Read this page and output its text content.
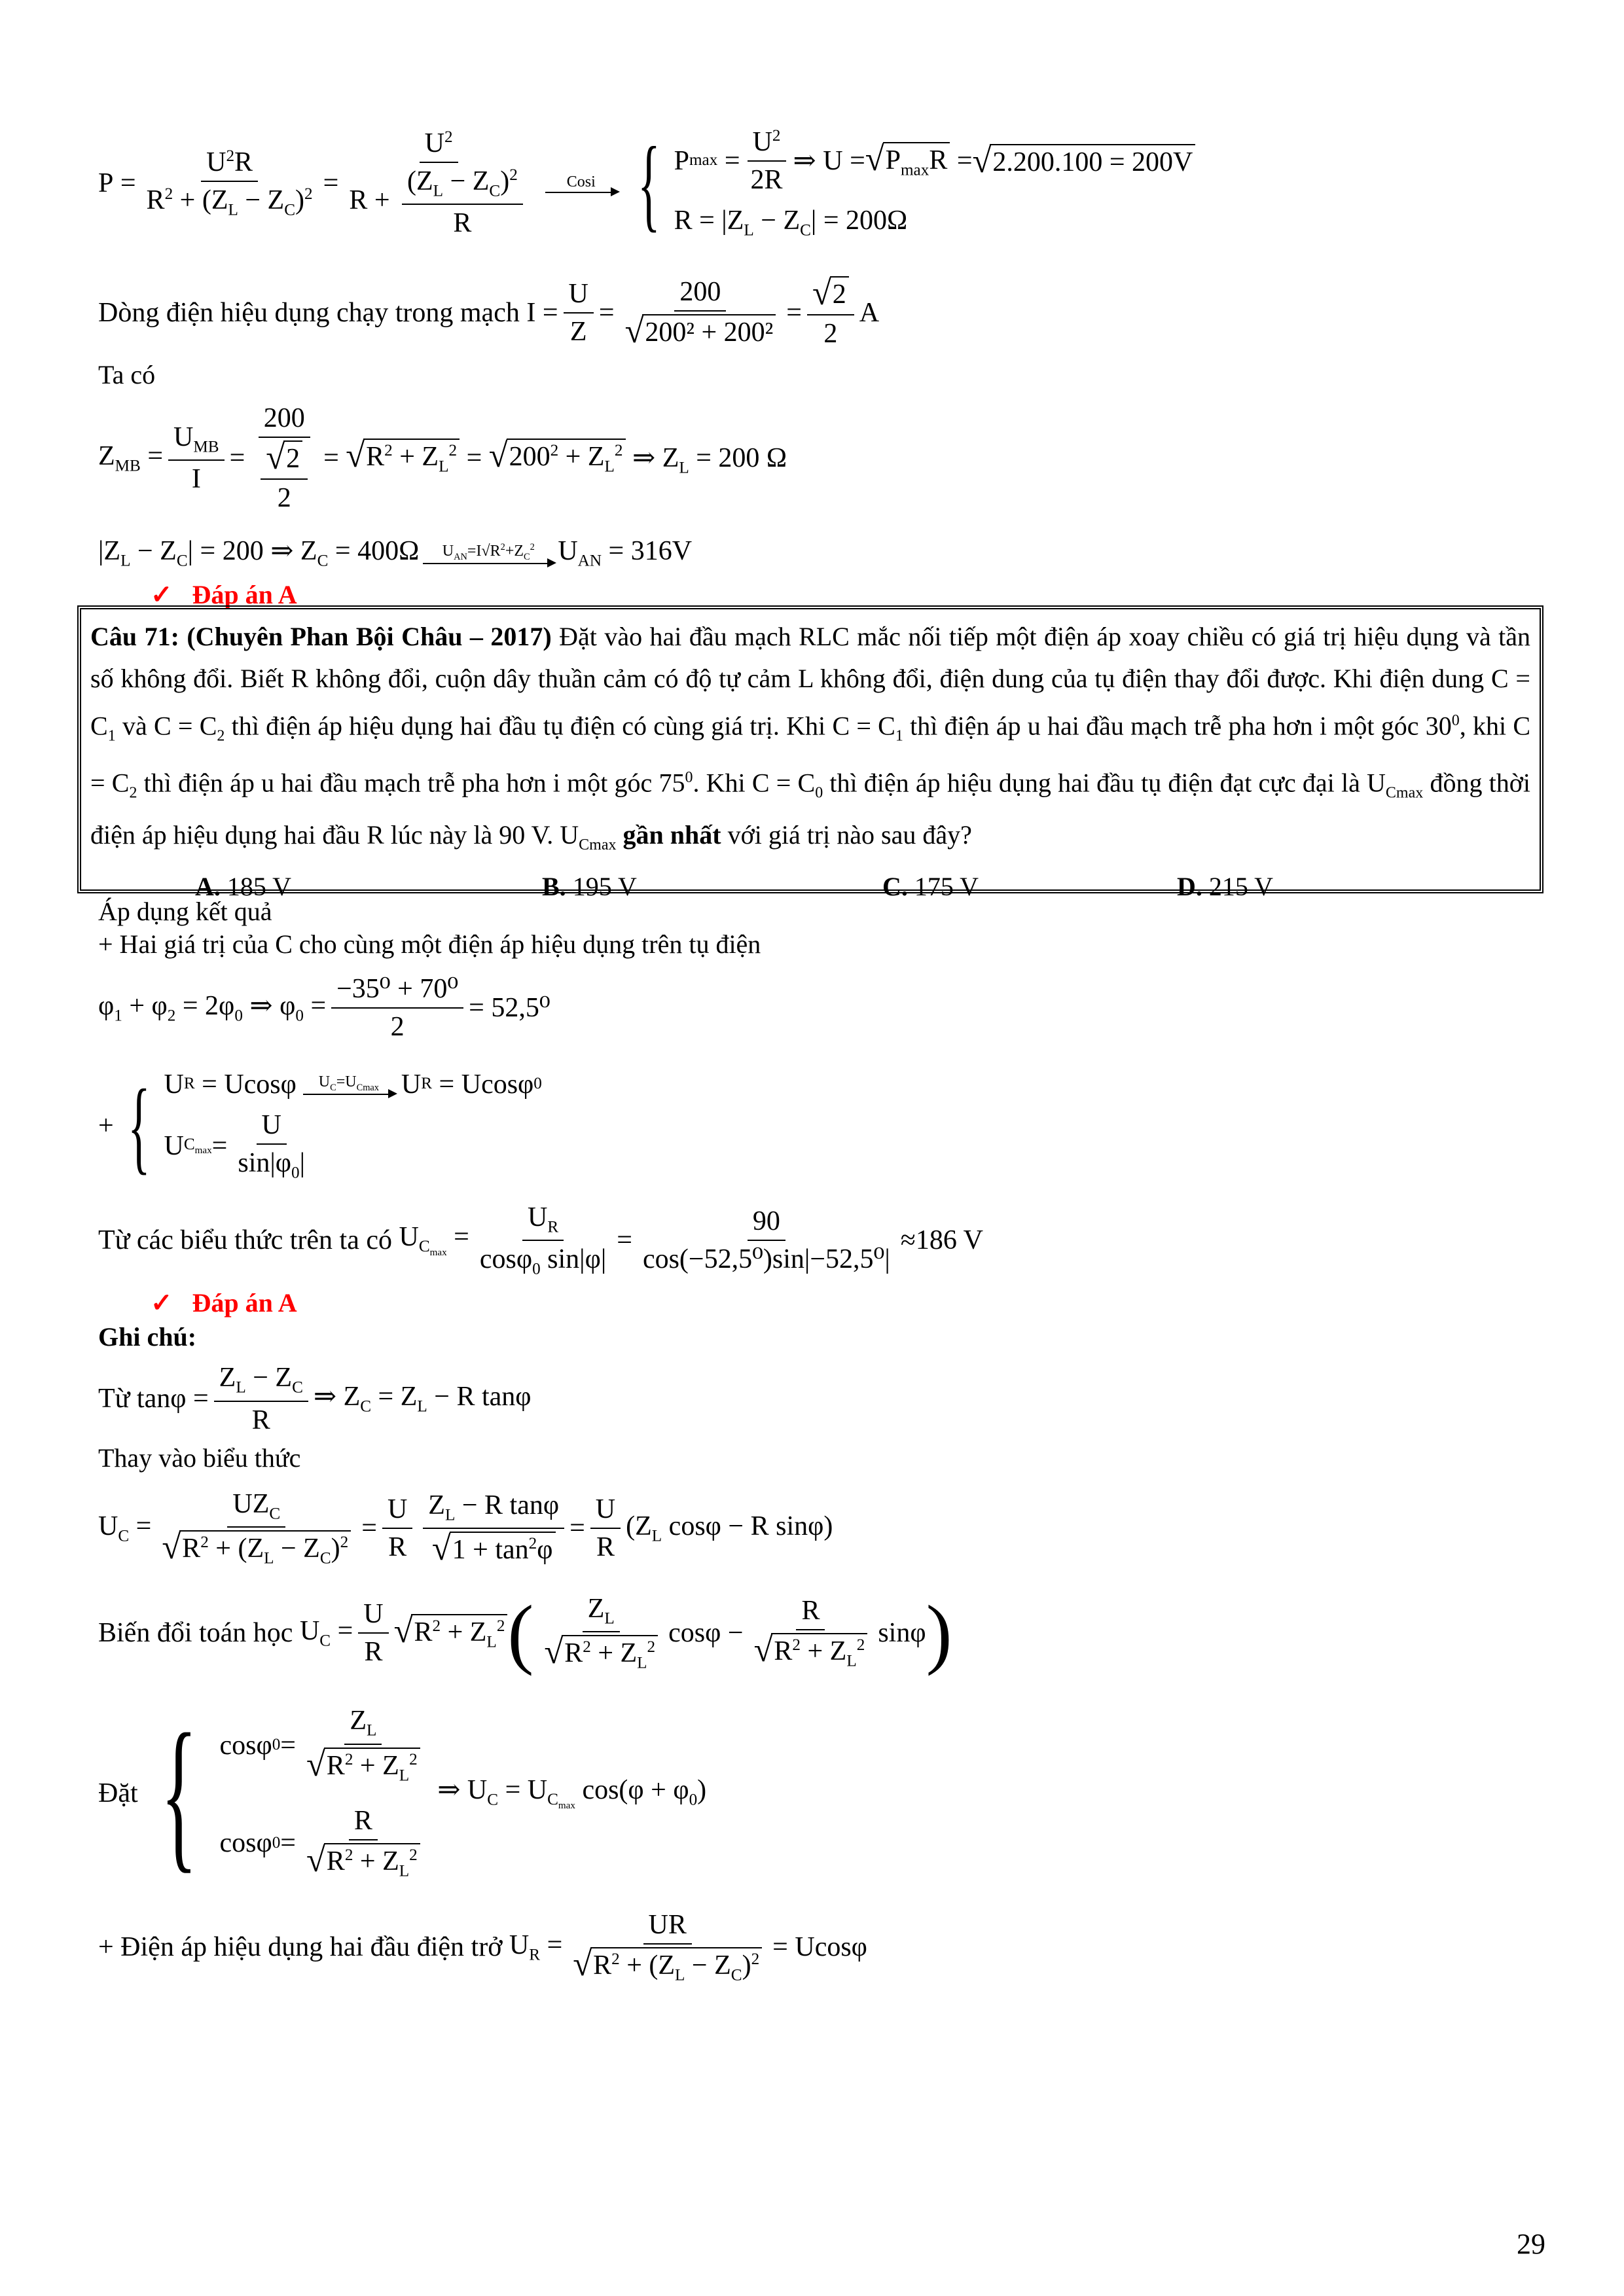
$P = \frac{U^2R}{R^2 + (Z_L - Z_C)^2} = \frac{U^2}{R + \frac{(Z_L - Z_C)^2}{R}}$ Cosi { P $\max = \frac{U^2}{2R}$ ⇒ U = √ $P_{max}R$ = √ 2.200.100 = 200V
$R = |Z_L - Z_C| = 200\Omega$
Dòng điện hiệu dụng chạy trong mạch $I = \frac{U}{Z} = \frac{200}{\text{√ 200² + 200²}} = \frac{√ 2}{2}$ A
Ta có
$Z_{MB} = \frac{U_{MB}}{I} = \frac{200}{\frac{√ 2}{2}}$ = √ $R^2 + Z_L^2$ = √ $200^2 + Z_L^2$ ⇒ $Z_L = 200$ Ω
$|Z_L - Z_C| = 200$ ⇒ $Z_C = 400\Omega$ $U_{AN}=I√R^2+Z_C^2$ $U_{AN} = 316V$
✓ Đáp án A

Câu 71: (Chuyên Phan Bội Châu – 2017) Đặt vào hai đầu mạch RLC mắc nối tiếp một điện áp xoay chiều có giá trị hiệu dụng và tần số không đổi. Biết R không đổi, cuộn dây thuần cảm có độ tự cảm L không đổi, điện dung của tụ điện thay đổi được. Khi điện dung $C = C_1$ và $C = C_2$ thì điện áp hiệu dụng hai đầu tụ điện có cùng giá trị. Khi $C = C_1$ thì điện áp u hai đầu mạch trễ pha hơn i một góc $30^0$, khi $C = C_2$ thì điện áp u hai đầu mạch trễ pha hơn i một góc $75^0$. Khi $C = C_0$ thì điện áp hiệu dụng hai đầu tụ điện đạt cực đại là $U_{Cmax}$ đồng thời điện áp hiệu dụng hai đầu R lúc này là 90 V. $U_{Cmax}$ gần nhất với giá trị nào sau đây?

A. 185 V	B. 195 V	C. 175 V	D. 215 V
Áp dụng kết quả
+ Hai giá trị của C cho cùng một điện áp hiệu dụng trên tụ điện
$\varphi_1 + \varphi_2 = 2\varphi_0$ ⇒ $\varphi_0 = \frac{\text{−35⁰ + 70⁰}}{2} = 52,5^0$
+ { U R
= Ucosφ $U_C=U_{Cmax}$ U R
= Ucosφ 0
U $C_{max} = \frac{U}{\sin|\varphi_0|}$
Từ các biểu thức trên ta có $U_{C_{max}} = \frac{U_R}{\cos\varphi_0 \sin|\varphi|} = \frac{90}{\text{cos(−52,5⁰)sin|−52,5⁰|}} \approx 186$ V
✓ Đáp án A
Ghi chú:
Từ
$\tan\varphi = \frac{Z_L - Z_C}{R}$ ⇒ $Z_C = Z_L - R$ tanφ
Thay vào biểu thức
$U_C = \frac{UZ_C}{√ R^2 + (Z_L - Z_C)^2} = \frac{U}{R} \frac{Z_L - R \tan\varphi}{√ 1 + \tan^2\varphi} = \frac{U}{R} (Z_L$ cosφ − R sinφ)
Biến đổi toán học $U_C = \frac{U}{R}$ √ $R^2 + Z_L^2$ ( $\frac{Z_L}{√ R^2 + Z_L^2}$ $\cos\varphi - \frac{R}{√ R^2 + Z_L^2}$ sinφ )
Đặt { cosφ $0 = \frac{Z_L}{√ R^2 + Z_L^2}$
cosφ $0 = \frac{R}{√ R^2 + Z_L^2}$
⇒ $U_C = U_{C_{max}}$ $\cos(\varphi + \varphi_0)$
+ Điện áp hiệu dụng hai đầu điện trở $U_R = \frac{UR}{√ R^2 + (Z_L - Z_C)^2} = Ucos\varphi$
29
